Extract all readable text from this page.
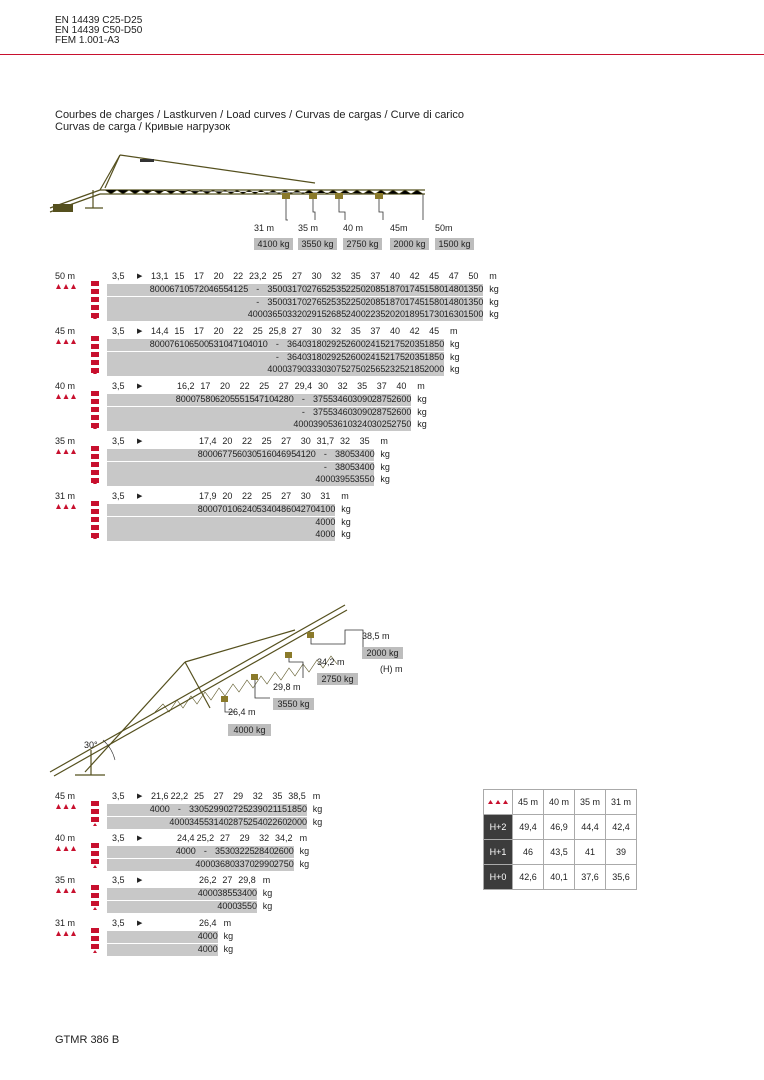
EN 14439 C25-D25
EN 14439 C50-D50
FEM 1.001-A3
Courbes de charges / Lastkurven / Load curves / Curvas de cargas / Curve di carico
Curvas de carga / Кривые нагрузок
31 m	35 m	40 m	45m	50m
4100 kg	3550 kg	2750 kg	2000 kg	1500 kg
50 m	3,5 ▶ 13,1 15	17	20	22 23,2 25	27	30	32	35	37	40	42	45	47	50	m
8000 6710 5720 4655 4125 - 3500 3170 2765 2535 2250 2085 1870 1745 1580 1480 1350 kg
- 3500 3170 2765 2535 2250 2085 1870 1745 1580 1480 1350 kg
4000 3650 3320 2915 2685 2400 2235 2020 1895 1730 1630 1500 kg
45 m	3,5 ▶ 14,4 15	17	20	22	25 25,8 27	30	32	35	37	40	42	45	m
8000 7610 6500 5310 4710 4010 - 3640 3180 2925 2600 2415 2175 2035 1850 kg
- 3640 3180 2925 2600 2415 2175 2035 1850 kg
4000 3790 3330 3075 2750 2565 2325 2185 2000 kg
40 m	3,5 ▶	16,2 17	20	22	25	27 29,4 30	32	35	37	40	m
8000 7580 6205 5515 4710 4280 - 3755 3460 3090 2875 2600 kg
- 3755 3460 3090 2875 2600 kg
4000 3905 3610 3240 3025 2750 kg
35 m	3,5 ▶	17,4 20	22	25	27	30 31,7 32	35	m
8000 6775 6030 5160 4695 4120 - 3805 3400 kg
- 3805 3400 kg
4000 3955 3550 kg
31 m	3,5 ▶	17,9 20	22	25	27	30	31	m
8000 7010 6240 5340 4860 4270 4100 kg
4000 kg
4000 kg
30°
26,4 m
29,8 m
34,2 m
38,5 m
4000 kg
3550 kg
2750 kg
2000 kg
(H) m
45 m	3,5 ▶ 21,6 22,2 25	27	29	32	35 38,5 m
4000 - 3305 2990 2725 2390 2115 1850 kg
4000 3455 3140 2875 2540 2260 2000 kg
40 m	3,5 ▶	24,4 25,2 27	29	32 34,2 m
4000 - 3530 3225 2840 2600 kg
4000 3680 3370 2990 2750 kg
35 m	3,5 ▶	26,2 27 29,8 m
4000 3855 3400 kg
4000 3550 kg
31 m	3,5 ▶	26,4 m
4000 kg
4000 kg
	45 m	40 m	35 m	31 m
H+2	49,4	46,9	44,4	42,4
H+1	46	43,5	41	39
H+0	42,6	40,1	37,6	35,6
GTMR 386 B
